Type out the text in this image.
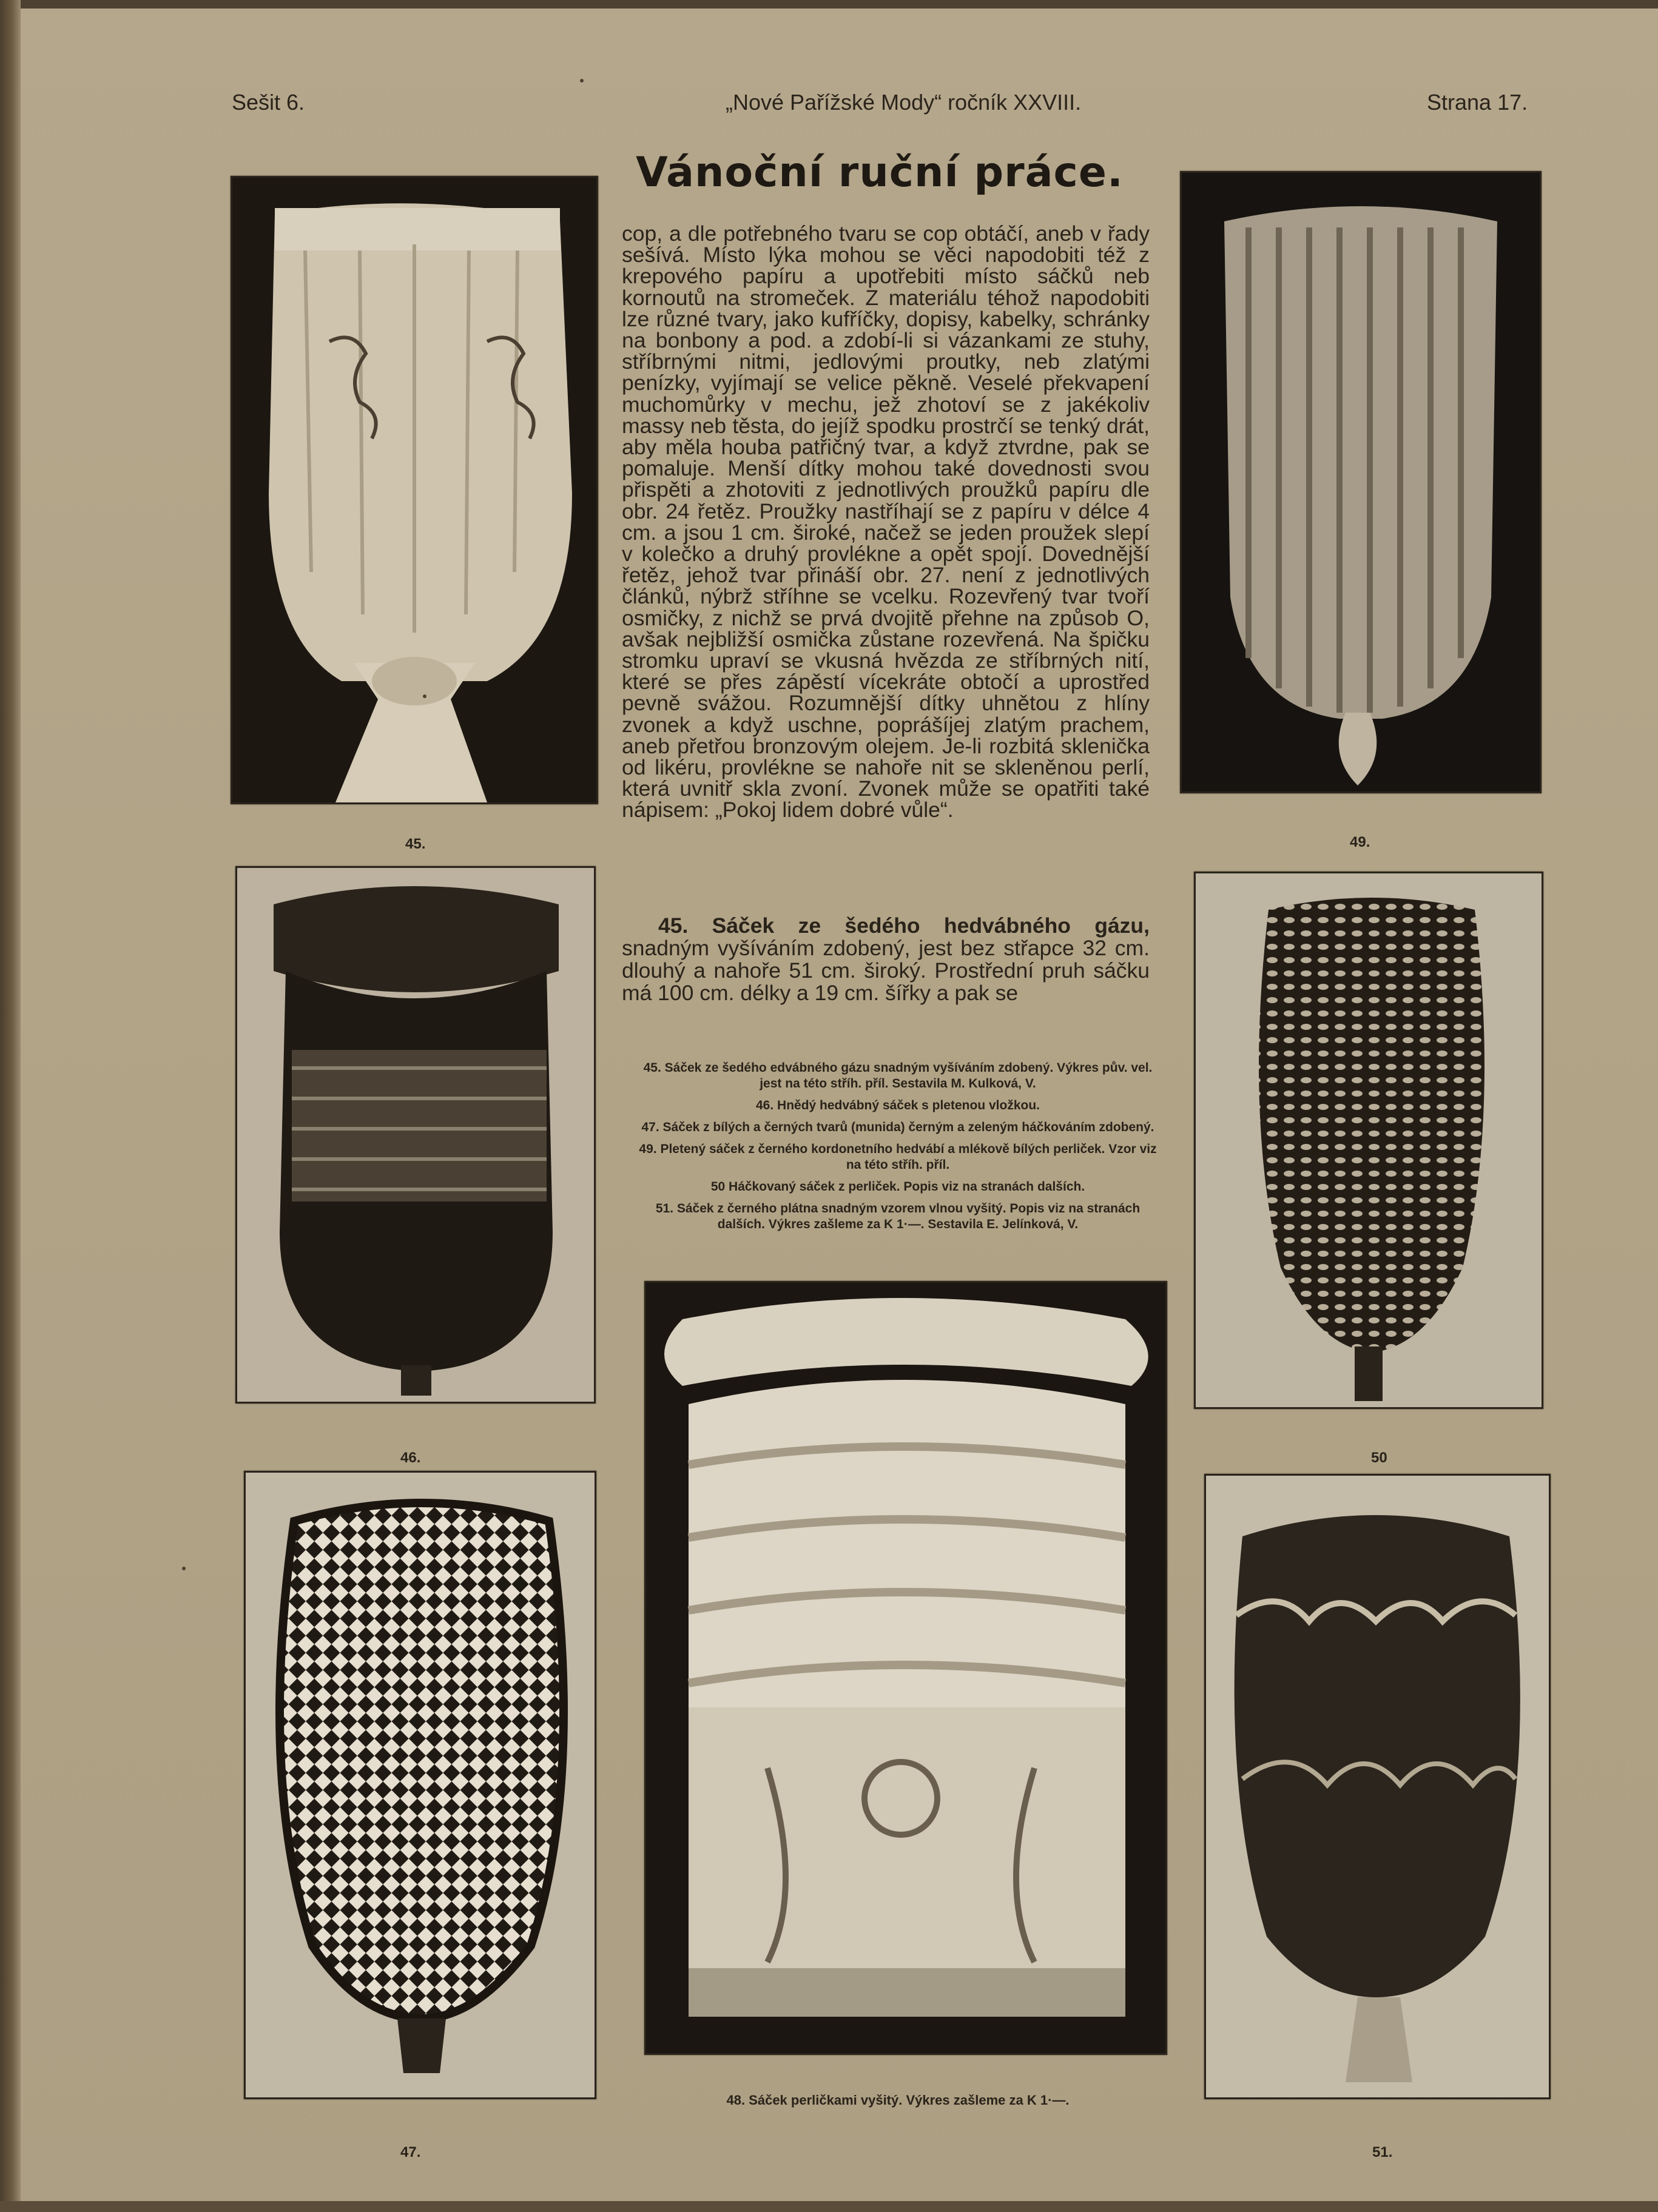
Sešit 6.	„Nové Pařížské Mody“ ročník XXVIII.	Strana 17.
Vánoční ruční práce.

cop, a dle potřebného tvaru se cop obtáčí, aneb v řady sešívá. Místo lýka mohou se věci napodobiti též z krepového papíru a upotřebiti místo sáčků neb kornoutů na stromeček. Z materiálu téhož napodobiti lze různé tvary, jako kufříčky, dopisy, kabelky, schránky na bonbony a pod. a zdobí-li si vázankami ze stuhy, stříbrnými nitmi, jedlovými proutky, neb zlatými penízky, vyjímají se velice pěkně. Veselé překvapení muchomůrky v mechu, jež zhotoví se z jakékoliv massy neb těsta, do jejíž spodku prostrčí se tenký drát, aby měla houba patřičný tvar, a když ztvrdne, pak se pomaluje. Menší dítky mohou také dovednosti svou přispěti a zhotoviti z jednotlivých proužků papíru dle obr. 24 řetěz. Proužky nastříhají se z papíru v délce 4 cm. a jsou 1 cm. široké, načež se jeden proužek slepí v kolečko a druhý provlékne a opět spojí. Dovednější řetěz, jehož tvar přináší obr. 27. není z jednotlivých článků, nýbrž stříhne se vcelku. Rozevřený tvar tvoří osmičky, z nichž se prvá dvojitě přehne na způsob O, avšak nejbližší osmička zůstane rozevřená. Na špičku stromku upraví se vkusná hvězda ze stříbrných nití, které se přes zápěstí vícekráte obtočí a uprostřed pevně svážou. Rozumnější dítky uhnětou z hlíny zvonek a když uschne, poprášíjej zlatým prachem, aneb přetřou bronzovým olejem. Je-li rozbitá sklenička od likéru, provlékne se nahoře nit se skleněnou perlí, která uvnitř skla zvoní. Zvonek může se opatřiti také nápisem: „Pokoj lidem dobré vůle“.

45. Sáček ze šedého hedvábného gázu, snadným vyšíváním zdobený, jest bez střapce 32 cm. dlouhý a nahoře 51 cm. široký. Prostřední pruh sáčku má 100 cm. délky a 19 cm. šířky a pak se
45. Sáček ze šedého edvábného gázu snadným vyšíváním zdobený. Výkres pův. vel. jest na této stříh. příl. Sestavila M. Kulková, V.
46. Hnědý hedvábný sáček s pletenou vložkou.
47. Sáček z bílých a černých tvarů (munida) černým a zeleným háčkováním zdobený.
49. Pletený sáček z černého kordonetního hedvábí a mlékově bílých perliček. Vzor viz na této stříh. příl.
50 Háčkovaný sáček z perliček. Popis viz na stranách dalších.
51. Sáček z černého plátna snadným vzorem vlnou vyšitý. Popis viz na stranách dalších. Výkres zašleme za K 1·—. Sestavila E. Jelínková, V.
48. Sáček perličkami vyšitý. Výkres zašleme za K 1·—.
45.
46.
47.
49.
50
51.
